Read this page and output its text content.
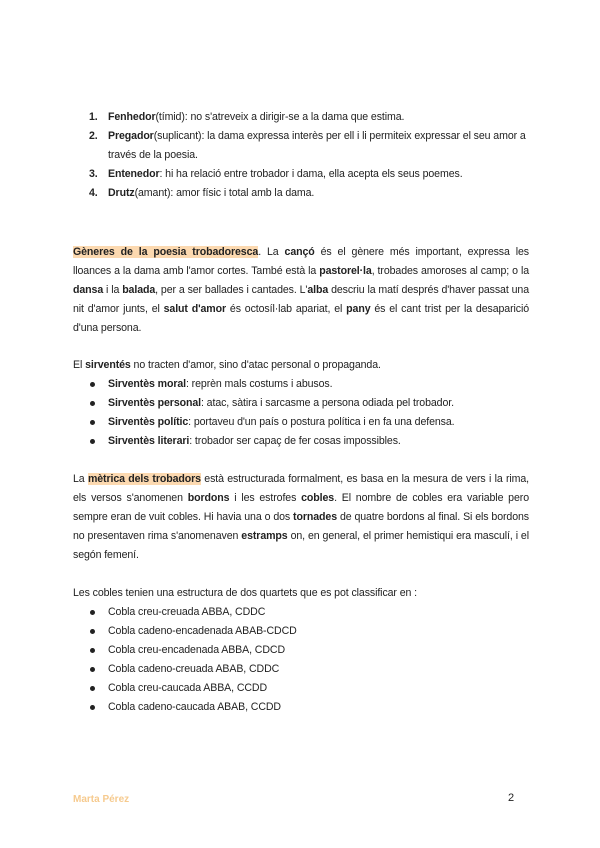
1. Fenhedor(tímid): no s'atreveix a dirigir-se a la dama que estima.
2. Pregador(suplicant): la dama expressa interès per ell i li permiteix expressar el seu amor a través de la poesia.
3. Entenedor: hi ha relació entre trobador i dama, ella acepta els seus poemes.
4. Drutz(amant): amor físic i total amb la dama.

Gèneres de la poesia trobadoresca. La cançó és el gènere més important, expressa les lloances a la dama amb l'amor cortes. També està la pastorel·la, trobades amoroses al camp; o la dansa i la balada, per a ser ballades i cantades. L'alba descriu la matí després d'haver passat una nit d'amor junts, el salut d'amor és octosíl·lab apariat, el pany és el cant trist per la desaparició d'una persona.

El sirventés no tracten d'amor, sino d'atac personal o propaganda.

Sirventès moral: reprèn mals costums i abusos.
Sirventès personal: atac, sàtira i sarcasme a persona odiada pel trobador.
Sirventès polític: portaveu d'un país o postura política i en fa una defensa.
Sirventès literari: trobador ser capaç de fer cosas impossibles.

La mètrica dels trobadors està estructurada formalment, es basa en la mesura de vers i la rima, els versos s'anomenen bordons i les estrofes cobles. El nombre de cobles era variable pero sempre eran de vuit cobles. Hi havia una o dos tornades de quatre bordons al final. Si els bordons no presentaven rima s'anomenaven estramps on, en general, el primer hemistiqui era masculí, i el segón femení.

Les cobles tenien una estructura de dos quartets que es pot classificar en :

Cobla creu-creuada ABBA, CDDC
Cobla cadeno-encadenada ABAB-CDCD
Cobla creu-encadenada ABBA, CDCD
Cobla cadeno-creuada ABAB, CDDC
Cobla creu-caucada ABBA, CCDD
Cobla cadeno-caucada ABAB, CCDD
Marta Pérez	2
